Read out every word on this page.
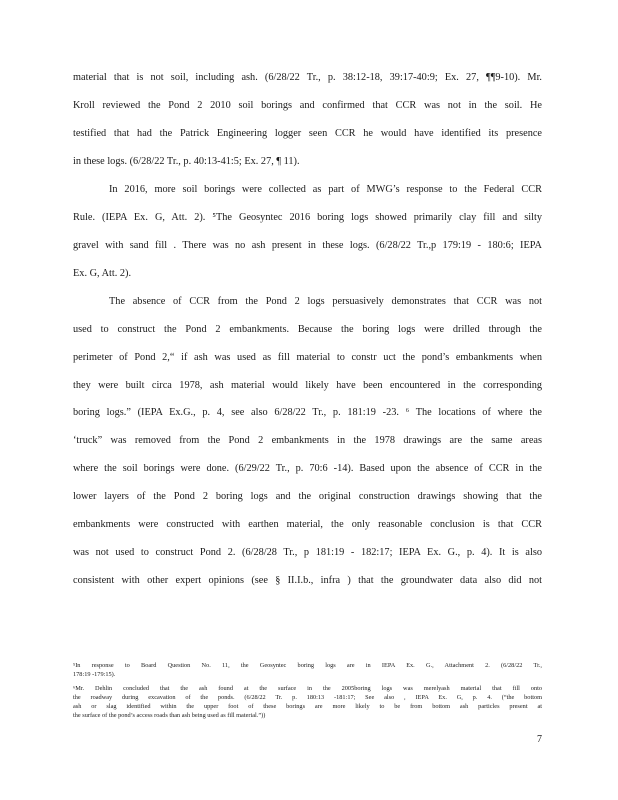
material that is not soil, including ash. (6/28/22 Tr., p. 38:12-18, 39:17-40:9; Ex. 27, ¶¶9-10). Mr.
Kroll reviewed the Pond 2 2010 soil borings and confirmed that CCR was not in the soil. He
testified that had the Patrick Engineering logger seen CCR he would have identified its presence
in these logs. (6/28/22 Tr., p. 40:13-41:5; Ex. 27, ¶ 11).
In 2016, more soil borings were collected as part of MWG’s response to the Federal CCR
Rule. (IEPA Ex. G, Att. 2). ⁵The Geosyntec 2016 boring logs showed primarily clay fill and silty
gravel with sand fill . There was no ash present in these logs. (6/28/22 Tr.,p 179:19 - 180:6; IEPA
Ex. G, Att. 2).
The absence of CCR from the Pond 2 logs persuasively demonstrates that CCR was not
used to construct the Pond 2 embankments. Because the boring logs were drilled through the
perimeter of Pond 2,“ if ash was used as fill material to constr uct the pond’s embankments when
they were built circa 1978, ash material would likely have been encountered in the corresponding
boring logs.” (IEPA Ex.G., p. 4, see also 6/28/22 Tr., p. 181:19 -23. ⁶ The locations of where the
‘truck” was removed from the Pond 2 embankments in the 1978 drawings are the same areas
where the soil borings were done. (6/29/22 Tr., p. 70:6 -14). Based upon the absence of CCR in the
lower layers of the Pond 2 boring logs and the original construction drawings showing that the
embankments were constructed with earthen material, the only reasonable conclusion is that CCR
was not used to construct Pond 2. (6/28/28 Tr., p 181:19 - 182:17; IEPA Ex. G., p. 4). It is also
consistent with other expert opinions (see § II.I.b., infra ) that the groundwater data also did not
⁵In response to Board Question No. 11, the Geosyntec boring logs are in IEPA Ex. G., Attachment 2. (6/28/22 Tr.,
178:19 -179:15).
⁶Mr. Dehlin concluded that the ash found at the surface in the 2005boring logs was merelyash material that fill onto
the roadway during excavation of the ponds. (6/28/22 Tr. p. 180:13 -181:17; See also , IEPA Ex. G, p. 4. (“the bottom
ash or slag identified within the upper foot of these borings are more likely to be from bottom ash particles present at
the surface of the pond’s access roads than ash being used as fill material.”))
7
